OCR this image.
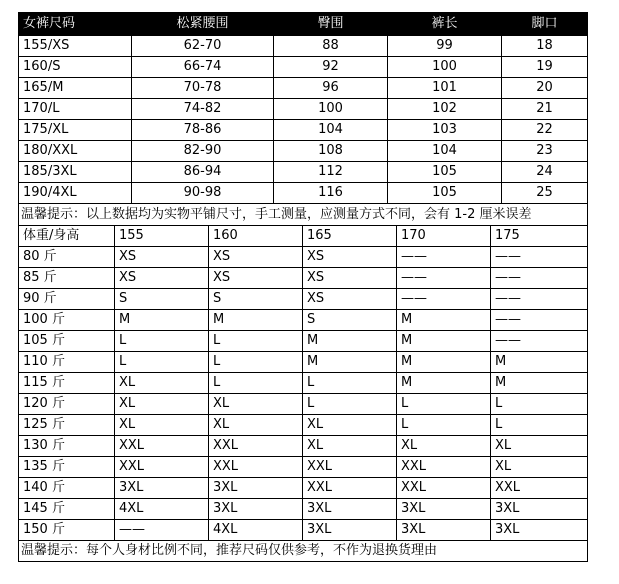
女裤尺码	松紧腰围	臀围	裤长	脚口
155/XS	62-70	88	99	18
160/S	66-74	92	100	19
165/M	70-78	96	101	20
170/L	74-82	100	102	21
175/XL	78-86	104	103	22
180/XXL	82-90	108	104	23
185/3XL	86-94	112	105	24
190/4XL	90-98	116	105	25
温馨提示：以上数据均为实物平铺尺寸，手工测量，应测量方式不同，会有 1-2 厘米误差				
体重/身高	155	160	165	170	175
80 斤	XS	XS	XS	——	——
85 斤	XS	XS	XS	——	——
90 斤	S	S	XS	——	——
100 斤	M	M	S	M	——
105 斤	L	L	M	M	——
110 斤	L	L	M	M	M
115 斤	XL	L	L	M	M
120 斤	XL	XL	L	L	L
125 斤	XL	XL	XL	L	L
130 斤	XXL	XXL	XL	XL	XL
135 斤	XXL	XXL	XXL	XXL	XL
140 斤	3XL	3XL	XXL	XXL	XXL
145 斤	4XL	3XL	3XL	3XL	3XL
150 斤	——	4XL	3XL	3XL	3XL
温馨提示：每个人身材比例不同，推荐尺码仅供参考，不作为退换货理由					
